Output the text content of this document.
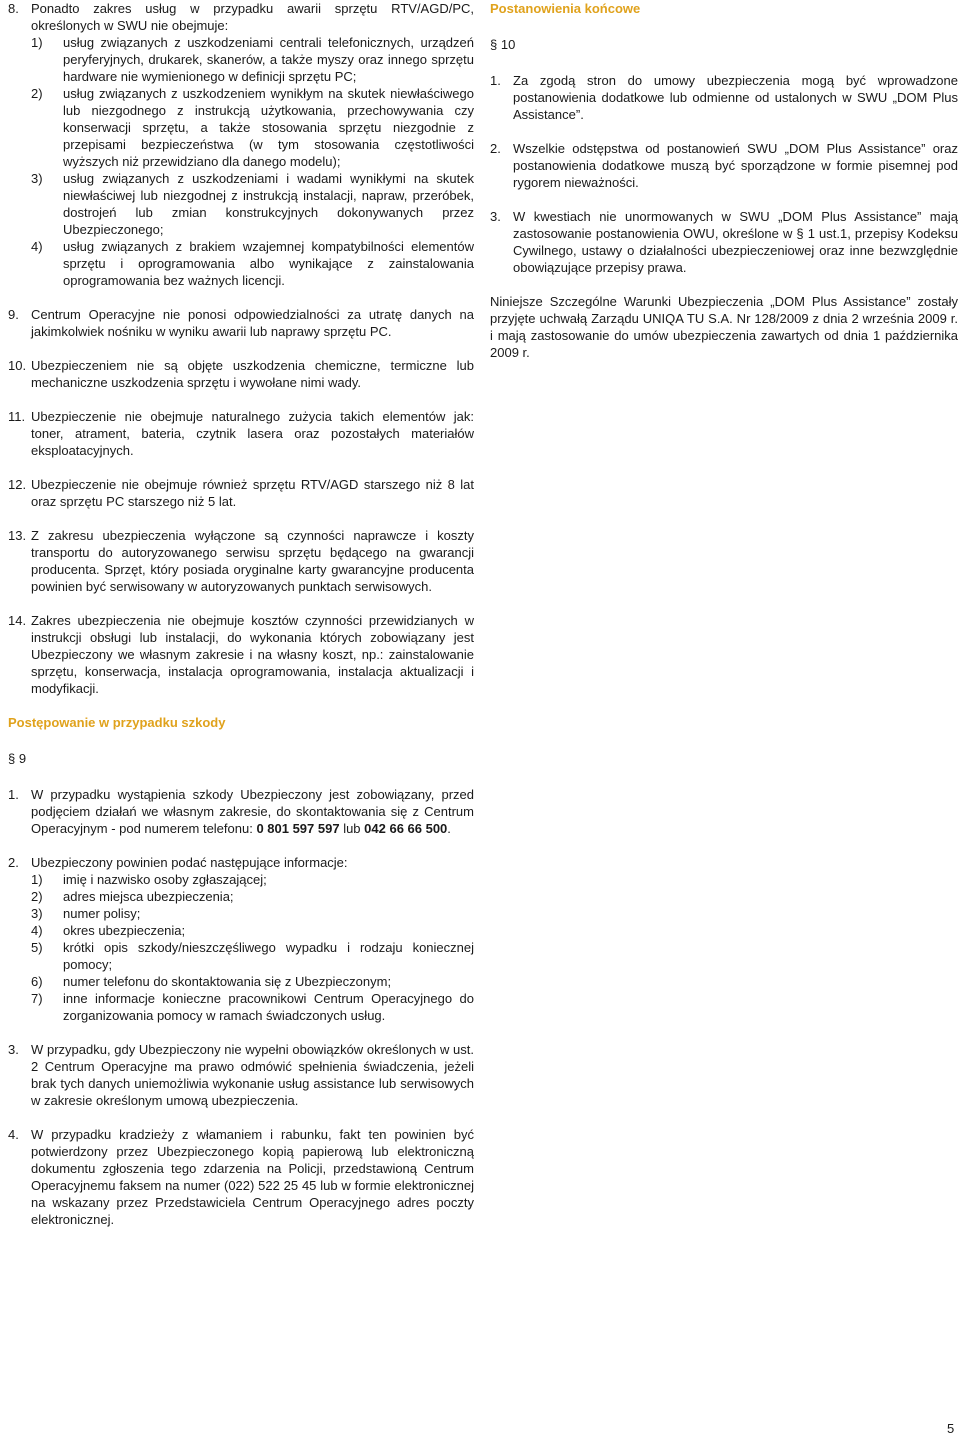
8. Ponadto zakres usług w przypadku awarii sprzętu RTV/AGD/PC, określonych w SWU nie obejmuje:
1)	usług związanych z uszkodzeniami centrali telefonicznych, urządzeń peryferyjnych, drukarek, skanerów, a także myszy oraz innego sprzętu hardware nie wymienionego w definicji sprzętu PC;
2)	usług związanych z uszkodzeniem wynikłym na skutek niewłaściwego lub niezgodnego z instrukcją użytkowania, przechowywania czy konserwacji sprzętu, a także stosowania sprzętu niezgodnie z przepisami bezpieczeństwa (w tym stosowania częstotliwości wyższych niż przewidziano dla danego modelu);
3)	usług związanych z uszkodzeniami i wadami wynikłymi na skutek niewłaściwej lub niezgodnej z instrukcją instalacji, napraw, przeróbek, dostrojeń lub zmian konstrukcyjnych dokonywanych przez Ubezpieczonego;
4)	usług związanych z brakiem wzajemnej kompatybilności elementów sprzętu i oprogramowania albo wynikające z zainstalowania oprogramowania bez ważnych licencji.
9. Centrum Operacyjne nie ponosi odpowiedzialności za utratę danych na jakimkolwiek nośniku w wyniku awarii lub naprawy sprzętu PC.
10. Ubezpieczeniem nie są objęte uszkodzenia chemiczne, termiczne lub mechaniczne uszkodzenia sprzętu i wywołane nimi wady.
11. Ubezpieczenie nie obejmuje naturalnego zużycia takich elementów jak: toner, atrament, bateria, czytnik lasera oraz pozostałych materiałów eksploatacyjnych.
12. Ubezpieczenie nie obejmuje również sprzętu RTV/AGD starszego niż 8 lat oraz sprzętu PC starszego niż 5 lat.
13. Z zakresu ubezpieczenia wyłączone są czynności naprawcze i koszty transportu do autoryzowanego serwisu sprzętu będącego na gwarancji producenta. Sprzęt, który posiada oryginalne karty gwarancyjne producenta powinien być serwisowany w autoryzowanych punktach serwisowych.
14. Zakres ubezpieczenia nie obejmuje kosztów czynności przewidzianych w instrukcji obsługi lub instalacji, do wykonania których zobowiązany jest Ubezpieczony we własnym zakresie i na własny koszt, np.: zainstalowanie sprzętu, konserwacja, instalacja oprogramowania, instalacja aktualizacji i modyfikacji.
Postępowanie w przypadku szkody
§ 9
1. W przypadku wystąpienia szkody Ubezpieczony jest zobowiązany, przed podjęciem działań we własnym zakresie, do skontaktowania się z Centrum Operacyjnym - pod numerem telefonu: 0 801 597 597 lub 042 66 66 500.
2. Ubezpieczony powinien podać następujące informacje:
1)	imię i nazwisko osoby zgłaszającej;
2)	adres miejsca ubezpieczenia;
3)	numer polisy;
4)	okres ubezpieczenia;
5)	krótki opis szkody/nieszczęśliwego wypadku i rodzaju koniecznej pomocy;
6)	numer telefonu do skontaktowania się z Ubezpieczonym;
7)	inne informacje konieczne pracownikowi Centrum Operacyjnego do zorganizowania pomocy w ramach świadczonych usług.
3. W przypadku, gdy Ubezpieczony nie wypełni obowiązków określonych w ust. 2 Centrum Operacyjne ma prawo odmówić spełnienia świadczenia, jeżeli brak tych danych uniemożliwia wykonanie usług assistance lub serwisowych w zakresie określonym umową ubezpieczenia.
4. W przypadku kradzieży z włamaniem i rabunku, fakt ten powinien być potwierdzony przez Ubezpieczonego kopią papierową lub elektroniczną dokumentu zgłoszenia tego zdarzenia na Policji, przedstawioną Centrum Operacyjnemu faksem na numer (022) 522 25 45 lub w formie elektronicznej na wskazany przez Przedstawiciela Centrum Operacyjnego adres poczty elektronicznej.
Postanowienia końcowe
§ 10
1. Za zgodą stron do umowy ubezpieczenia mogą być wprowadzone postanowienia dodatkowe lub odmienne od ustalonych w SWU „DOM Plus Assistance”.
2. Wszelkie odstępstwa od postanowień SWU „DOM Plus Assistance” oraz postanowienia dodatkowe muszą być sporządzone w formie pisemnej pod rygorem nieważności.
3. W kwestiach nie unormowanych w SWU „DOM Plus Assistance” mają zastosowanie postanowienia OWU, określone w § 1 ust.1, przepisy Kodeksu Cywilnego, ustawy o działalności ubezpieczeniowej oraz inne bezwzględnie obowiązujące przepisy prawa.
Niniejsze Szczególne Warunki Ubezpieczenia „DOM Plus Assistance” zostały przyjęte uchwałą Zarządu UNIQA TU S.A. Nr 128/2009 z dnia 2 września 2009 r. i mają zastosowanie do umów ubezpieczenia zawartych od dnia 1 października 2009 r.
5
